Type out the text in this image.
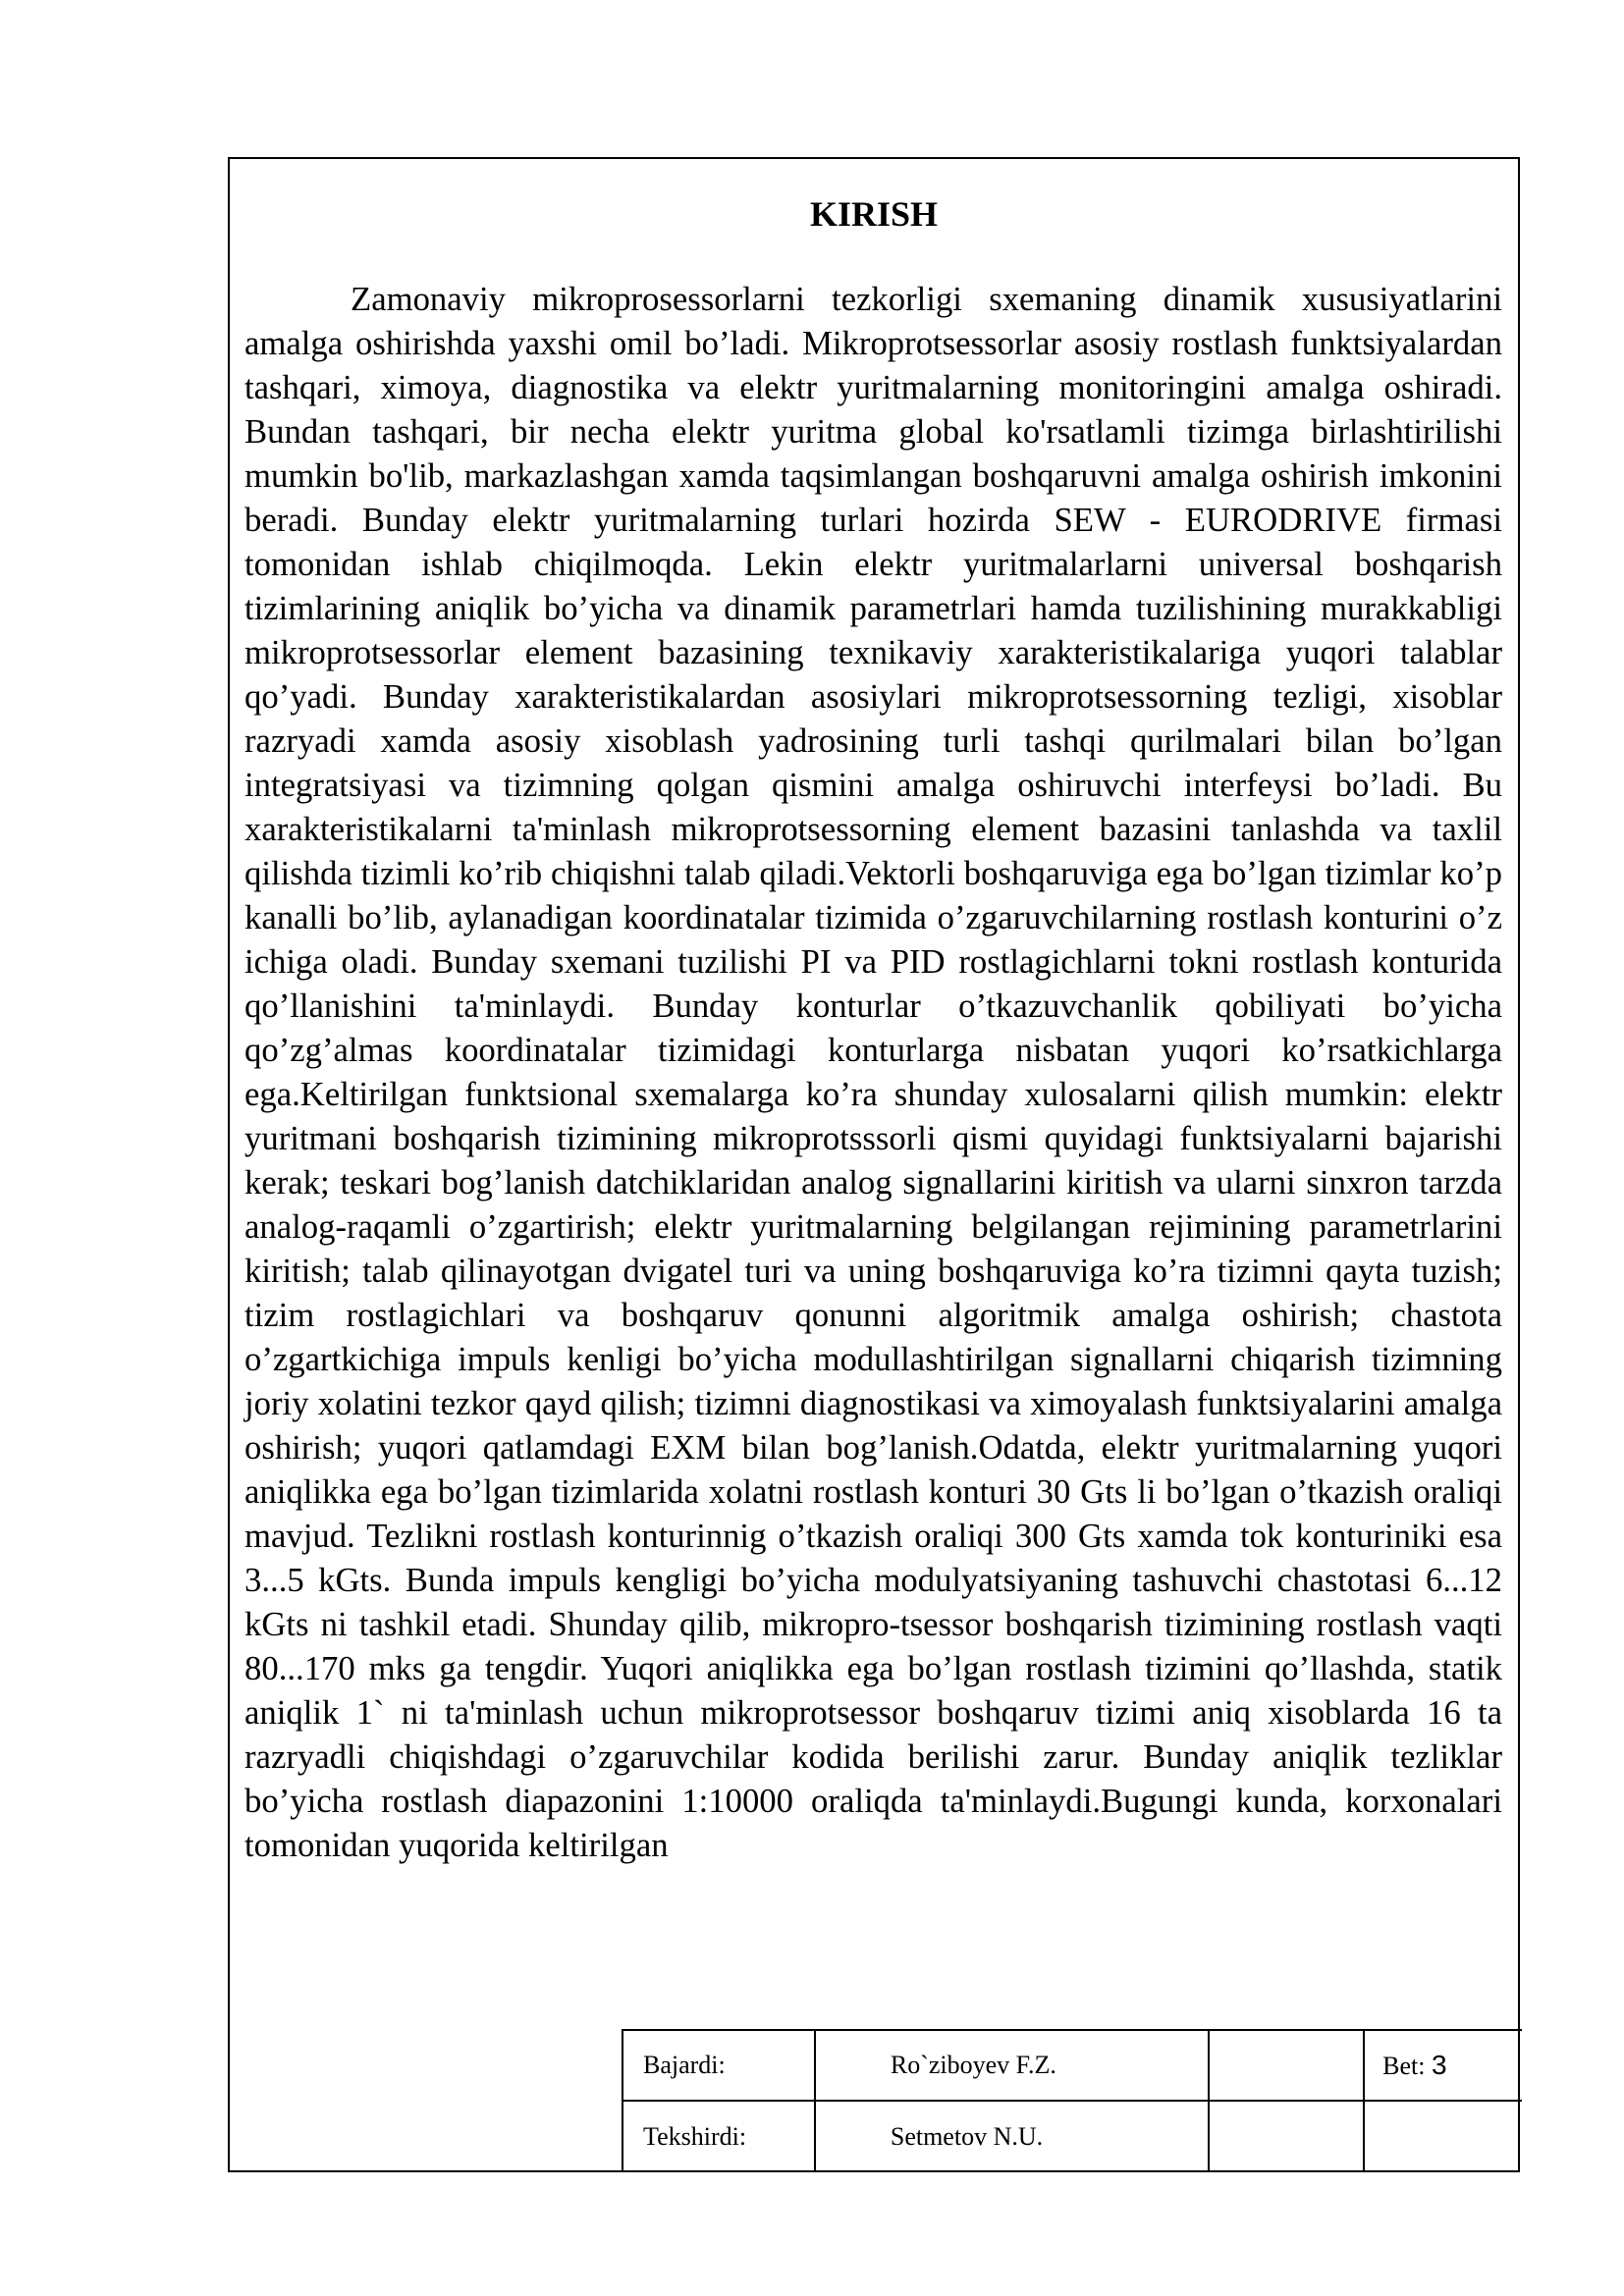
KIRISH

Zamonaviy mikroprosessorlarni tezkorligi sxemaning dinamik xususiyatlarini amalga oshirishda yaxshi omil bo’ladi. Mikroprotsessorlar asosiy rostlash funktsiyalardan tashqari, ximoya, diagnostika va elektr yuritmalarning monitoringini amalga oshiradi. Bundan tashqari, bir necha elektr yuritma global ko'rsatlamli tizimga birlashtirilishi mumkin bo'lib, markazlashgan xamda taqsimlangan boshqaruvni amalga oshirish imkonini beradi. Bunday elektr yuritmalarning turlari hozirda SEW - EURODRIVE firmasi tomonidan ishlab chiqilmoqda. Lekin elektr yuritmalarlarni universal boshqarish tizimlarining aniqlik bo’yicha va dinamik parametrlari hamda tuzilishining murakkabligi mikroprotsessorlar element bazasining texnikaviy xarakteristikalariga yuqori talablar qo’yadi. Bunday xarakteristikalardan asosiylari mikroprotsessorning tezligi, xisoblar razryadi xamda asosiy xisoblash yadrosining turli tashqi qurilmalari bilan bo’lgan integratsiyasi va tizimning qolgan qismini amalga oshiruvchi interfeysi bo’ladi. Bu xarakteristikalarni ta'minlash mikroprotsessorning element bazasini tanlashda va taxlil qilishda tizimli ko’rib chiqishni talab qiladi.Vektorli boshqaruviga ega bo’lgan tizimlar ko’p kanalli bo’lib, aylanadigan koordinatalar tizimida o’zgaruvchilarning rostlash konturini o’z ichiga oladi. Bunday sxemani tuzilishi PI va PID rostlagichlarni tokni rostlash konturida qo’llanishini ta'minlaydi. Bunday konturlar o’tkazuvchanlik qobiliyati bo’yicha qo’zg’almas koordinatalar tizimidagi konturlarga nisbatan yuqori ko’rsatkichlarga ega.Keltirilgan funktsional sxemalarga ko’ra shunday xulosalarni qilish mumkin: elektr yuritmani boshqarish tizimining mikroprotsssorli qismi quyidagi funktsiyalarni bajarishi kerak; teskari bog’lanish datchiklaridan analog signallarini kiritish va ularni sinxron tarzda analog-raqamli o’zgartirish; elektr yuritmalarning belgilangan rejimining parametrlarini kiritish; talab qilinayotgan dvigatel turi va uning boshqaruviga ko’ra tizimni qayta tuzish; tizim rostlagichlari va boshqaruv qonunni algoritmik amalga oshirish; chastota o’zgartkichiga impuls kenligi bo’yicha modullashtirilgan signallarni chiqarish tizimning joriy xolatini tezkor qayd qilish; tizimni diagnostikasi va ximoyalash funktsiyalarini amalga oshirish; yuqori qatlamdagi EXM bilan bog’lanish.Odatda, elektr yuritmalarning yuqori aniqlikka ega bo’lgan tizimlarida xolatni rostlash konturi 30 Gts li bo’lgan o’tkazish oraliqi mavjud. Tezlikni rostlash konturinnig o’tkazish oraliqi 300 Gts xamda tok konturiniki esa 3...5 kGts. Bunda impuls kengligi bo’yicha modulyatsiyaning tashuvchi chastotasi 6...12 kGts ni tashkil etadi. Shunday qilib, mikropro-tsessor boshqarish tizimining rostlash vaqti 80...170 mks ga tengdir. Yuqori aniqlikka ega bo’lgan rostlash tizimini qo’llashda, statik aniqlik 1` ni ta'minlash uchun mikroprotsessor boshqaruv tizimi aniq xisoblarda 16 ta razryadli chiqishdagi o’zgaruvchilar kodida berilishi zarur. Bunday aniqlik tezliklar bo’yicha rostlash diapazonini 1:10000 oraliqda ta'minlaydi.Bugungi kunda, korxonalari tomonidan yuqorida keltirilgan

Bajardi:	Ro`ziboyev F.Z.		Bet: 3
Tekshirdi:	Setmetov N.U.		
